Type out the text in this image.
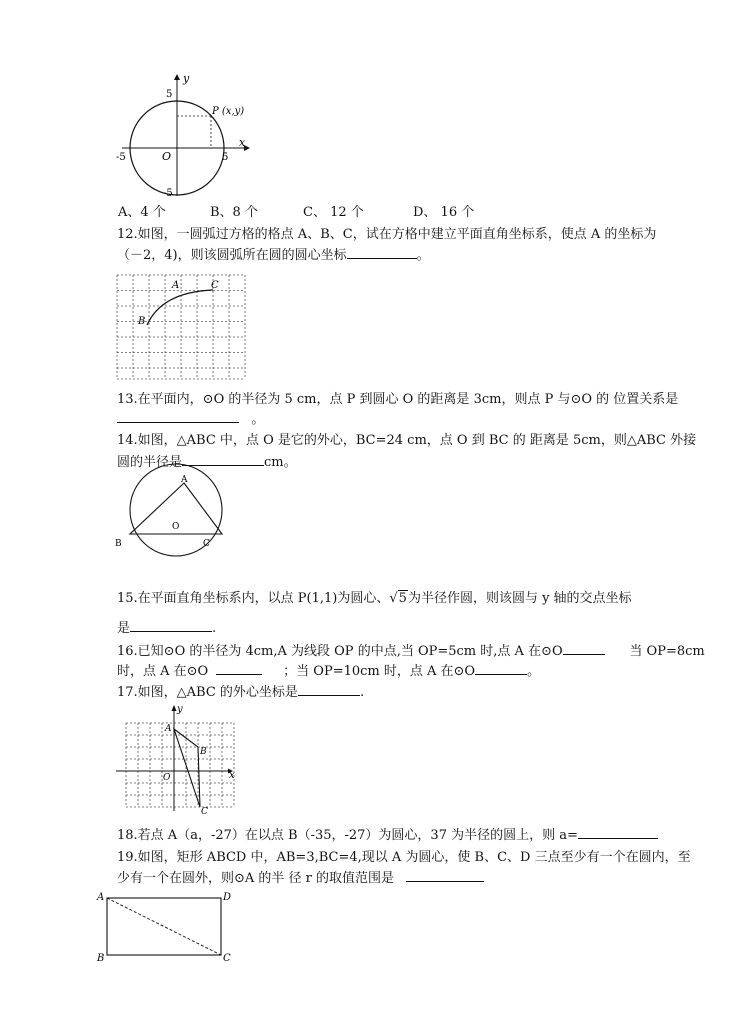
y
x
O
-5	5
5
-5
P (x,y)
A、4 个	B、8 个	C、 12 个	D、 16 个
12.如图，一圆弧过方格的格点 A、B、C，试在方格中建立平面直角坐标系，使点 A 的坐标为
（－2，4)，则该圆弧所在圆的圆心坐标	。
A
B
C
13.在平面内，⊙O 的半径为 5 cm，点 P 到圆心 O 的距离是 3cm，则点 P 与⊙O 的 位置关系是
。
14.如图，△ABC 中，点 O 是它的外心，BC=24 cm，点 O 到 BC 的 距离是 5cm，则△ABC 外接
圆的半径是	cm。
A
O
B	C
15.在平面直角坐标系内，以点 P(1,1)为圆心、√5为半径作圆，则该圆与 y 轴的交点坐标
是	.
16.已知⊙O 的半径为 4cm,A 为线段 OP 的中点,当 OP=5cm 时,点 A 在⊙O	当 OP=8cm
时，点 A 在⊙O	；当 OP=10cm 时，点 A 在⊙O	。
17.如图，△ABC 的外心坐标是	.
y
x
A
B
O
C
18.若点 A（a，-27）在以点 B（-35，-27）为圆心，37 为半径的圆上，则 a=
19.如图，矩形 ABCD 中，AB=3,BC=4,现以 A 为圆心，使 B、C、D 三点至少有一个在圆内，至
少有一个在圆外，则⊙A 的半 径 r 的取值范围是
A	D
B	C
